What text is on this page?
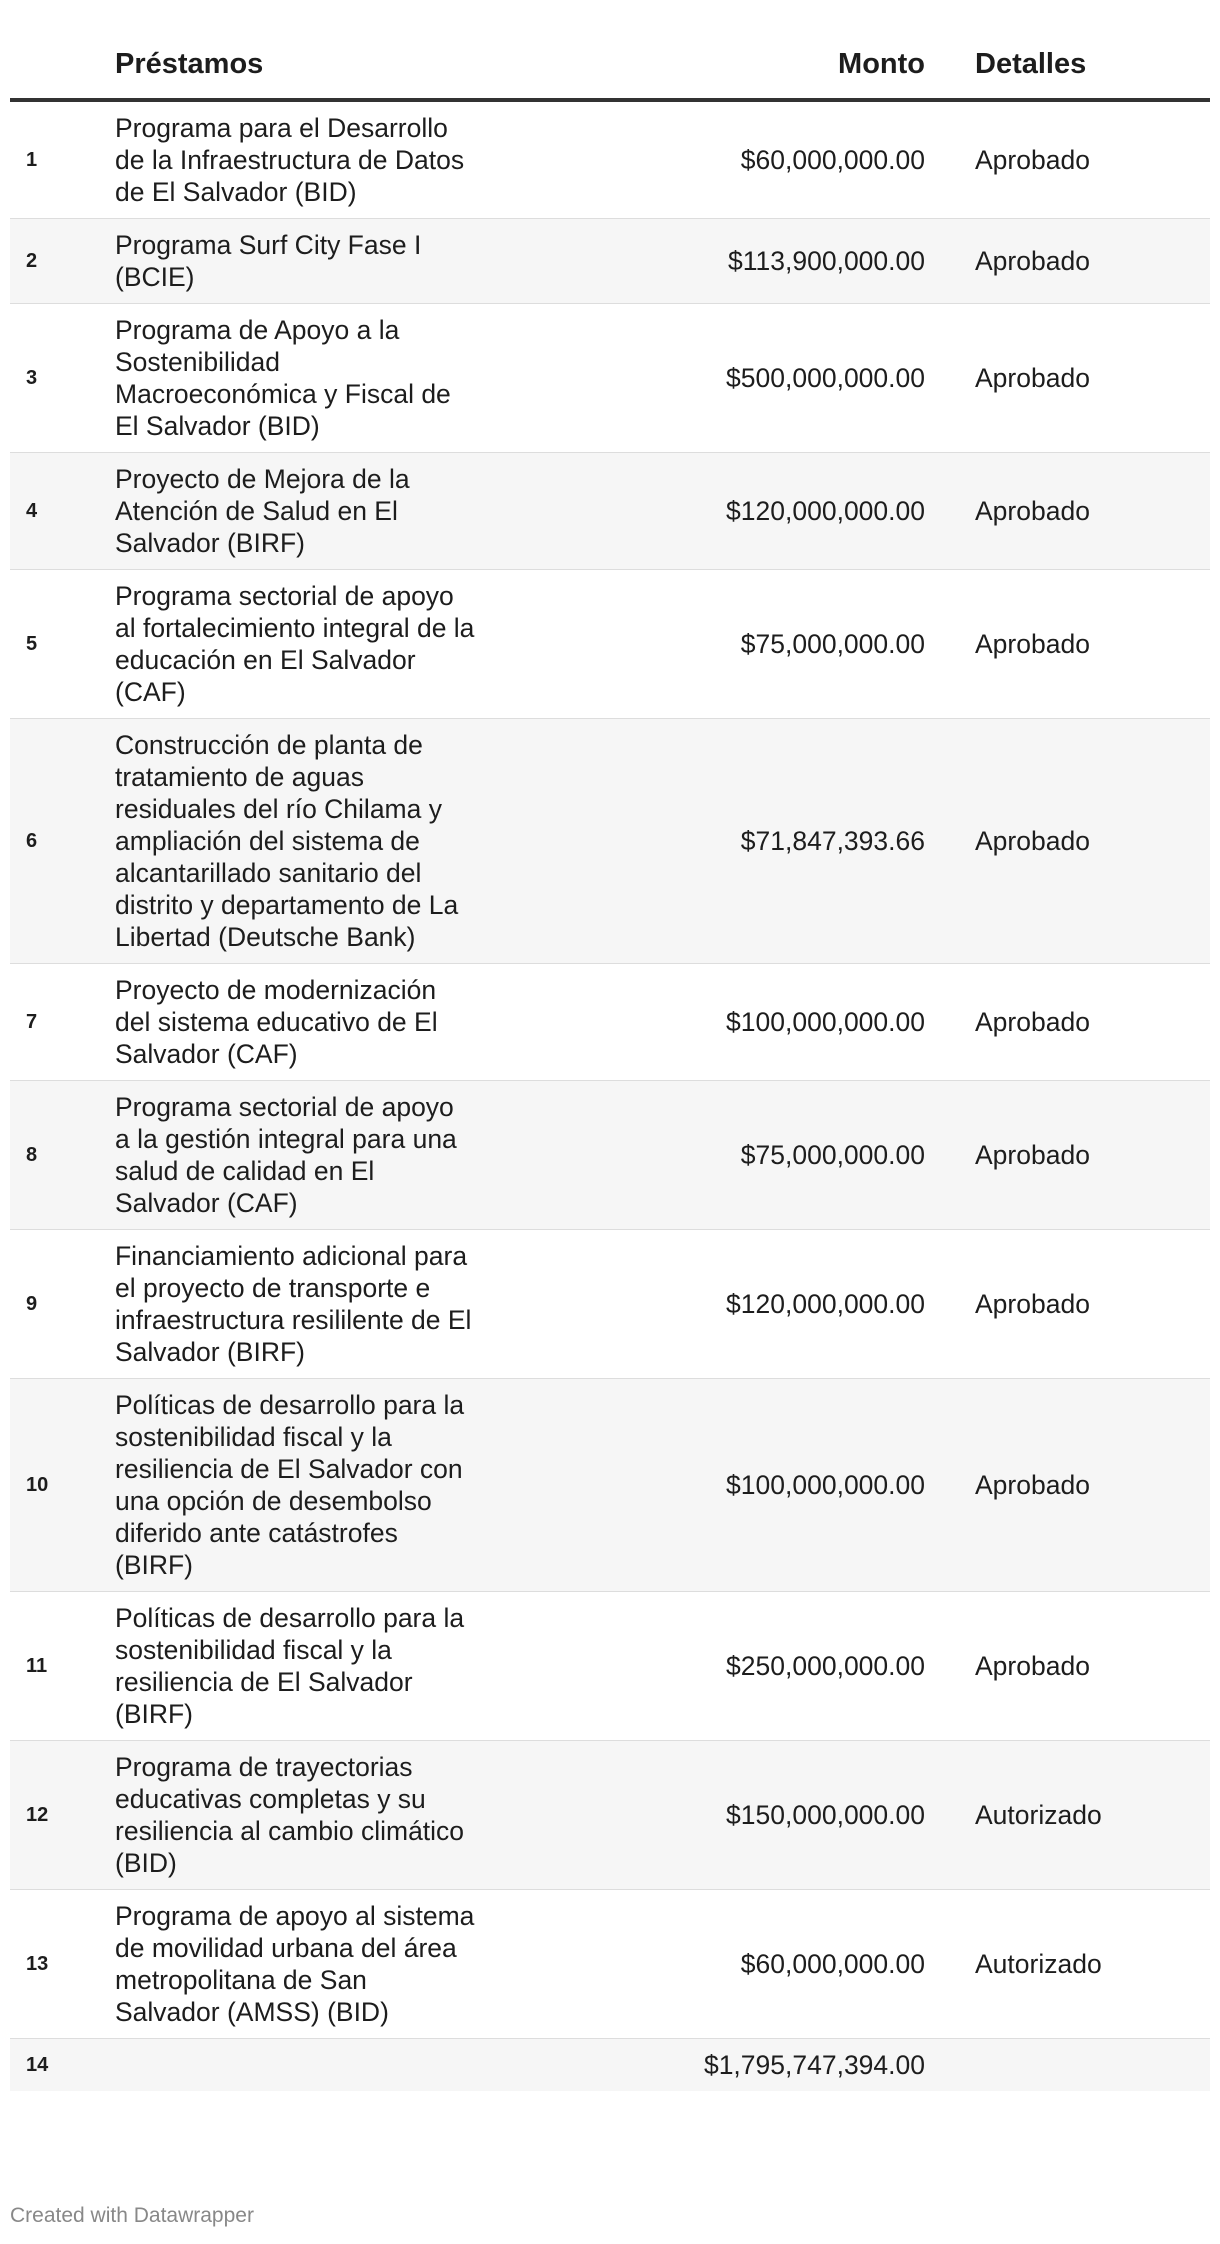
	Préstamos	Monto		Detalles
1	Programa para el Desarrollo de la Infraestructura de Datos de El Salvador (BID)	$60,000,000.00		Aprobado
2	Programa Surf City Fase I (BCIE)	$113,900,000.00		Aprobado
3	Programa de Apoyo a la Sostenibilidad Macroeconómica y Fiscal de El Salvador (BID)	$500,000,000.00		Aprobado
4	Proyecto de Mejora de la Atención de Salud en El Salvador (BIRF)	$120,000,000.00		Aprobado
5	Programa sectorial de apoyo al fortalecimiento integral de la educación en El Salvador (CAF)	$75,000,000.00		Aprobado
6	Construcción de planta de tratamiento de aguas residuales del río Chilama y ampliación del sistema de alcantarillado sanitario del distrito y departamento de La Libertad (Deutsche Bank)	$71,847,393.66		Aprobado
7	Proyecto de modernización del sistema educativo de El Salvador (CAF)	$100,000,000.00		Aprobado
8	Programa sectorial de apoyo a la gestión integral para una salud de calidad en El Salvador (CAF)	$75,000,000.00		Aprobado
9	Financiamiento adicional para el proyecto de transporte e infraestructura resililente de El Salvador (BIRF)	$120,000,000.00		Aprobado
10	Políticas de desarrollo para la sostenibilidad fiscal y la resiliencia de El Salvador con una opción de desembolso diferido ante catástrofes (BIRF)	$100,000,000.00		Aprobado
11	Políticas de desarrollo para la sostenibilidad fiscal y la resiliencia de El Salvador (BIRF)	$250,000,000.00		Aprobado
12	Programa de trayectorias educativas completas y su resiliencia al cambio climático (BID)	$150,000,000.00		Autorizado
13	Programa de apoyo al sistema de movilidad urbana del área metropolitana de San Salvador (AMSS) (BID)	$60,000,000.00		Autorizado
14		$1,795,747,394.00		
Created with Datawrapper
